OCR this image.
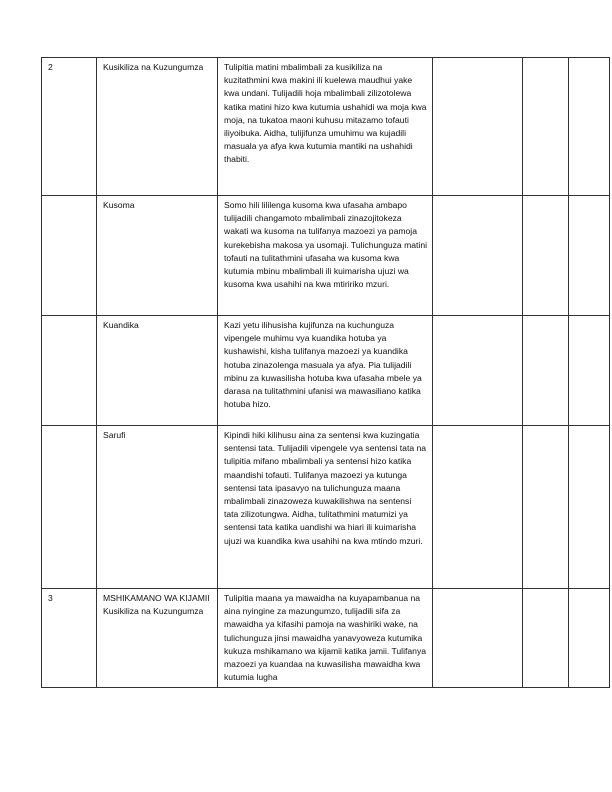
2	Kusikiliza na Kuzungumza	Tulipitia matini mbalimbali za kusikiliza na kuzitathmini kwa makini ili kuelewa maudhui yake kwa undani. Tulijadili hoja mbalimbali zilizotolewa katika matini hizo kwa kutumia ushahidi wa moja kwa moja, na tukatoa maoni kuhusu mitazamo tofauti iliyoibuka. Aidha, tulijifunza umuhimu wa kujadili masuala ya afya kwa kutumia mantiki na ushahidi thabiti.			
	Kusoma	Somo hili lililenga kusoma kwa ufasaha ambapo tulijadili changamoto mbalimbali zinazojitokeza wakati wa kusoma na tulifanya mazoezi ya pamoja kurekebisha makosa ya usomaji. Tulichunguza matini tofauti na tulitathmini ufasaha wa kusoma kwa kutumia mbinu mbalimbali ili kuimarisha ujuzi wa kusoma kwa usahihi na kwa mtiririko mzuri.			
	Kuandika	Kazi yetu ilihusisha kujifunza na kuchunguza vipengele muhimu vya kuandika hotuba ya kushawishi, kisha tulifanya mazoezi ya kuandika hotuba zinazolenga masuala ya afya. Pia tulijadili mbinu za kuwasilisha hotuba kwa ufasaha mbele ya darasa na tulitathmini ufanisi wa mawasiliano katika hotuba hizo.			
	Sarufi	Kipindi hiki kilihusu aina za sentensi kwa kuzingatia sentensi tata. Tulijadili vipengele vya sentensi tata na tulipitia mifano mbalimbali ya sentensi hizo katika maandishi tofauti. Tulifanya mazoezi ya kutunga sentensi tata ipasavyo na tulichunguza maana mbalimbali zinazoweza kuwakilishwa na sentensi tata zilizotungwa. Aidha, tulitathmini matumizi ya sentensi tata katika uandishi wa hiari ili kuimarisha ujuzi wa kuandika kwa usahihi na kwa mtindo mzuri.			
3	MSHIKAMANO WA KIJAMII Kusikiliza na Kuzungumza	Tulipitia maana ya mawaidha na kuyapambanua na aina nyingine za mazungumzo, tulijadili sifa za mawaidha ya kifasihi pamoja na washiriki wake, na tulichunguza jinsi mawaidha yanavyoweza kutumika kukuza mshikamano wa kijamii katika jamii. Tulifanya mazoezi ya kuandaa na kuwasilisha mawaidha kwa kutumia lugha			
